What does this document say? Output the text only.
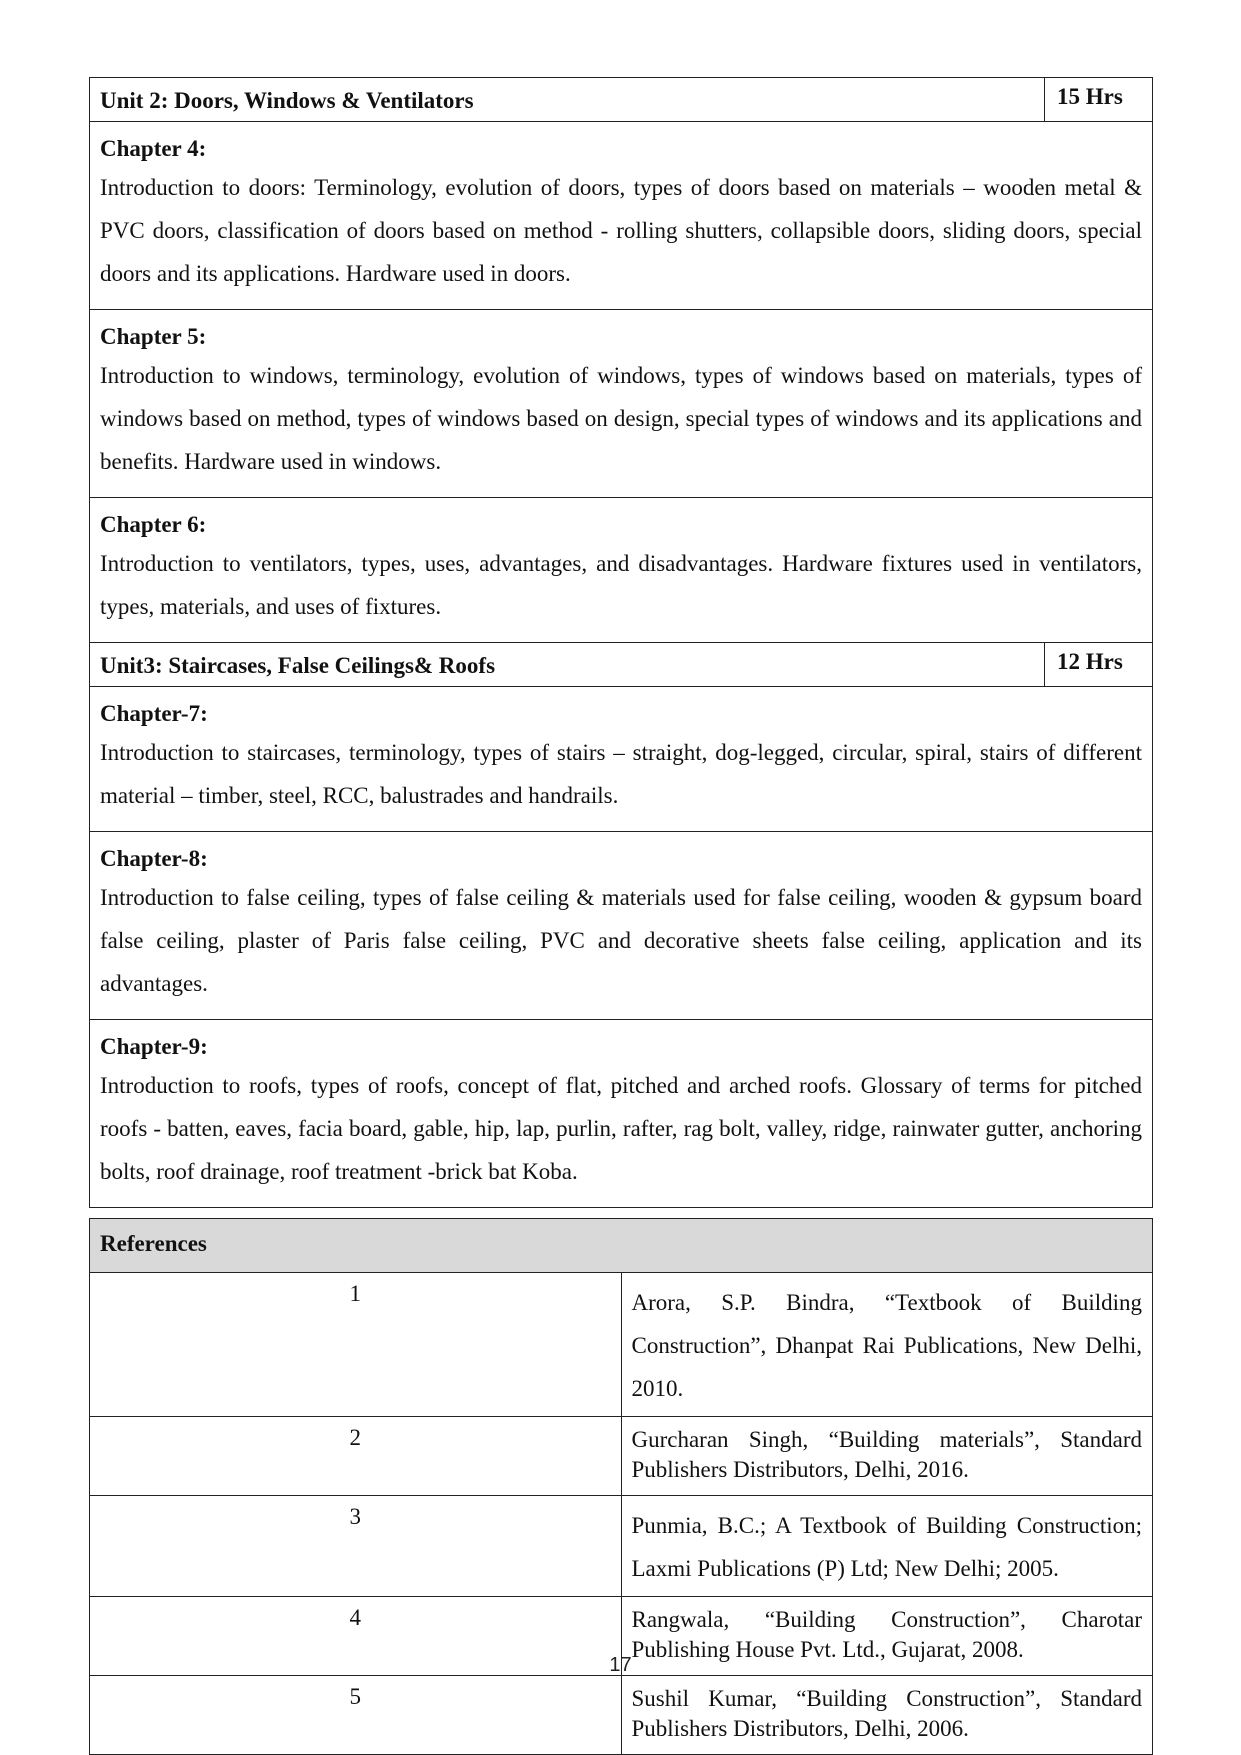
Unit 2: Doors, Windows & Ventilators	15 Hrs

Chapter 4:
Introduction to doors: Terminology, evolution of doors, types of doors based on materials – wooden metal & PVC doors, classification of doors based on method - rolling shutters, collapsible doors, sliding doors, special doors and its applications. Hardware used in doors.	

Chapter 5:
Introduction to windows, terminology, evolution of windows, types of windows based on materials, types of windows based on method, types of windows based on design, special types of windows and its applications and benefits. Hardware used in windows.	

Chapter 6:
Introduction to ventilators, types, uses, advantages, and disadvantages. Hardware fixtures used in ventilators, types, materials, and uses of fixtures.	

Unit3: Staircases, False Ceilings& Roofs	12 Hrs

Chapter-7:
Introduction to staircases, terminology, types of stairs – straight, dog-legged, circular, spiral, stairs of different material – timber, steel, RCC, balustrades and handrails.	

Chapter-8:
Introduction to false ceiling, types of false ceiling & materials used for false ceiling, wooden & gypsum board false ceiling, plaster of Paris false ceiling, PVC and decorative sheets false ceiling, application and its advantages.	

Chapter-9:
Introduction to roofs, types of roofs, concept of flat, pitched and arched roofs. Glossary of terms for pitched roofs - batten, eaves, facia board, gable, hip, lap, purlin, rafter, rag bolt, valley, ridge, rainwater gutter, anchoring bolts, roof drainage, roof treatment -brick bat Koba.	
References	
1	Arora, S.P. Bindra, “Textbook of Building Construction”, Dhanpat Rai Publications, New Delhi, 2010.
2	Gurcharan Singh, “Building materials”, Standard Publishers Distributors, Delhi, 2016.
3	Punmia, B.C.; A Textbook of Building Construction; Laxmi Publications (P) Ltd; New Delhi; 2005.
4	Rangwala, “Building Construction”, Charotar Publishing House Pvt. Ltd., Gujarat, 2008.
5	Sushil Kumar, “Building Construction”, Standard Publishers Distributors, Delhi, 2006.
17
